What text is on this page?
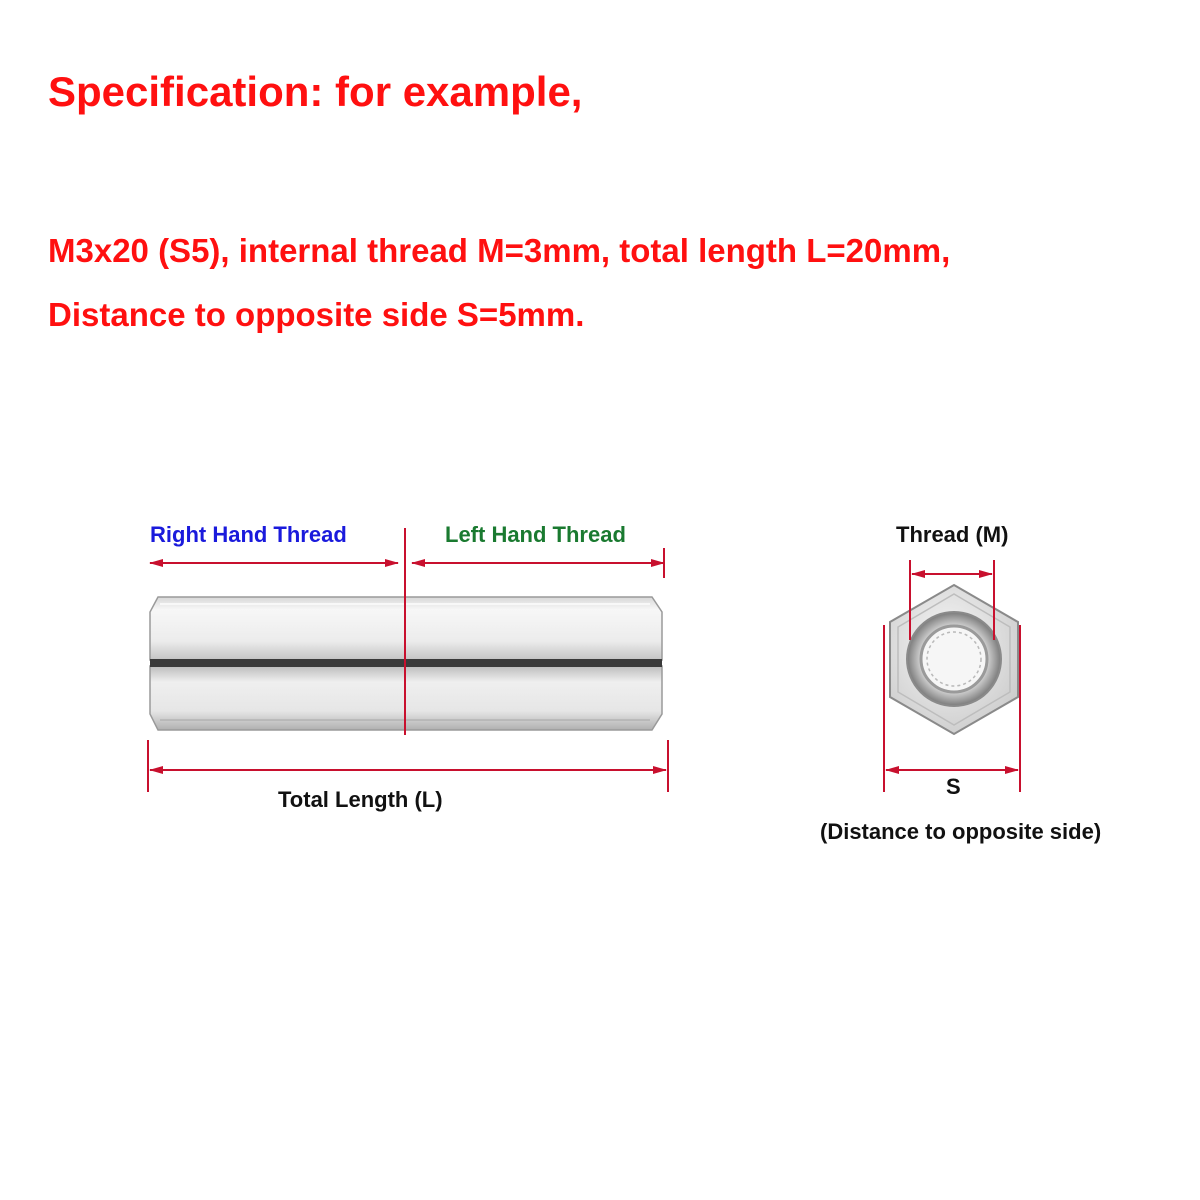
Specification: for example,

M3x20 (S5), internal thread M=3mm, total length L=20mm,

Distance to opposite side S=5mm.

Right Hand Thread	Left Hand Thread
Total Length (L)
Thread (M)
S
(Distance to opposite side)
